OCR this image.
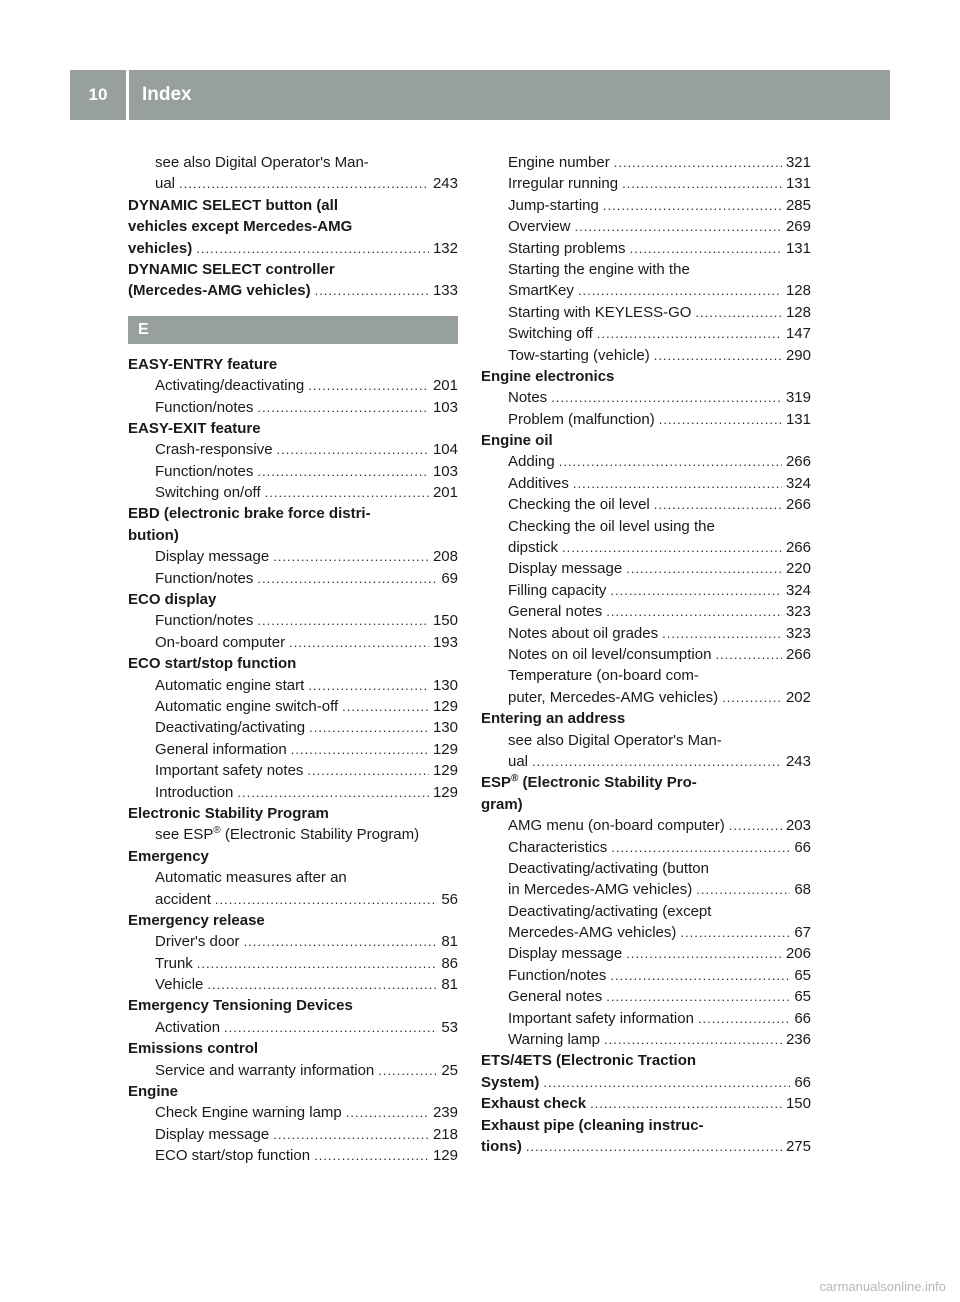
10	Index
see also Digital Operator's Man-
ual .....	243
DYNAMIC SELECT button (all
vehicles except Mercedes-AMG
vehicles) .....	132
DYNAMIC SELECT controller
(Mercedes-AMG vehicles) .....	133
E
EASY-ENTRY feature
Activating/deactivating .....	201
Function/notes .....	103
EASY-EXIT feature
Crash-responsive .....	104
Function/notes .....	103
Switching on/off .....	201
EBD (electronic brake force distri-
bution)
Display message .....	208
Function/notes .....	69
ECO display
Function/notes .....	150
On-board computer .....	193
ECO start/stop function
Automatic engine start .....	130
Automatic engine switch-off .....	129
Deactivating/activating .....	130
General information .....	129
Important safety notes .....	129
Introduction .....	129
Electronic Stability Program
see ESP® (Electronic Stability Program)
Emergency
Automatic measures after an
accident .....	56
Emergency release
Driver's door .....	81
Trunk .....	86
Vehicle .....	81
Emergency Tensioning Devices
Activation .....	53
Emissions control
Service and warranty information .....	25
Engine
Check Engine warning lamp .....	239
Display message .....	218
ECO start/stop function .....	129
Engine number .....	321
Irregular running .....	131
Jump-starting .....	285
Overview .....	269
Starting problems .....	131
Starting the engine with the
SmartKey .....	128
Starting with KEYLESS-GO .....	128
Switching off .....	147
Tow-starting (vehicle) .....	290
Engine electronics
Notes .....	319
Problem (malfunction) .....	131
Engine oil
Adding .....	266
Additives .....	324
Checking the oil level .....	266
Checking the oil level using the
dipstick .....	266
Display message .....	220
Filling capacity .....	324
General notes .....	323
Notes about oil grades .....	323
Notes on oil level/consumption .....	266
Temperature (on-board com-
puter, Mercedes-AMG vehicles) .....	202
Entering an address
see also Digital Operator's Man-
ual .....	243
ESP® (Electronic Stability Pro-
gram)
AMG menu (on-board computer) .....	203
Characteristics .....	66
Deactivating/activating (button
in Mercedes-AMG vehicles) .....	68
Deactivating/activating (except
Mercedes-AMG vehicles) .....	67
Display message .....	206
Function/notes .....	65
General notes .....	65
Important safety information .....	66
Warning lamp .....	236
ETS/4ETS (Electronic Traction
System) .....	66
Exhaust check .....	150
Exhaust pipe (cleaning instruc-
tions) .....	275
carmanualsonline.info
